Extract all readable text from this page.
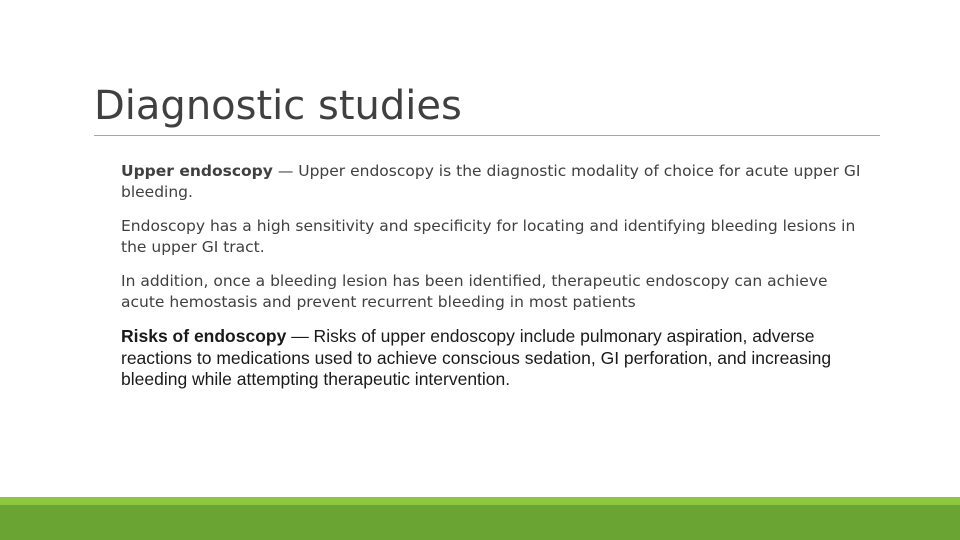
Diagnostic studies

Upper endoscopy — Upper endoscopy is the diagnostic modality of choice for acute upper GI bleeding.

Endoscopy has a high sensitivity and specificity for locating and identifying bleeding lesions in the upper GI tract.

In addition, once a bleeding lesion has been identified, therapeutic endoscopy can achieve acute hemostasis and prevent recurrent bleeding in most patients

Risks of endoscopy — Risks of upper endoscopy include pulmonary aspiration, adverse reactions to medications used to achieve conscious sedation, GI perforation, and increasing bleeding while attempting therapeutic intervention.
